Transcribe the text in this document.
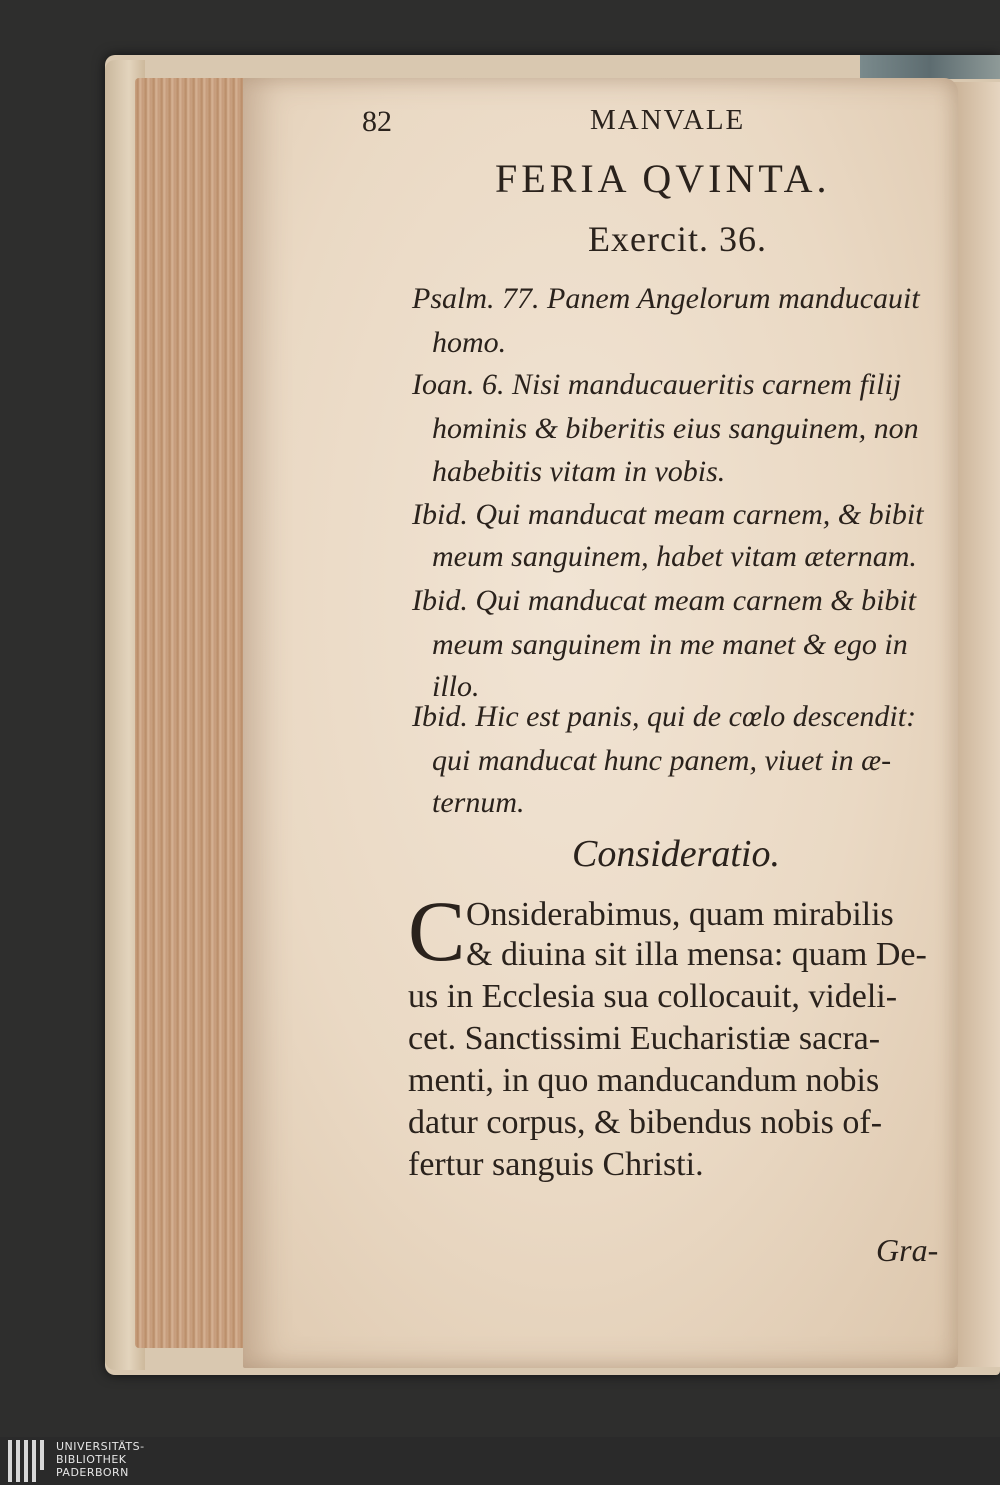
82	MANVALE
FERIA QVINTA.
Exercit. 36.
Psalm. 77. Panem Angelorum manducauit
homo.
Ioan. 6. Nisi manducaueritis carnem filij
hominis & biberitis eius sanguinem, non
habebitis vitam in vobis.
Ibid. Qui manducat meam carnem, & bibit
meum sanguinem, habet vitam æternam.
Ibid. Qui manducat meam carnem & bibit
meum sanguinem in me manet & ego in
illo.
Ibid. Hic est panis, qui de cœlo descendit:
qui manducat hunc panem, viuet in æ-
ternum.
Consideratio.
C Onsiderabimus, quam mirabilis
& diuina sit illa mensa: quam De-
us in Ecclesia sua collocauit, videli-
cet. Sanctissimi Eucharistiæ sacra-
menti, in quo manducandum nobis
datur corpus, & bibendus nobis of-
fertur sanguis Christi.
Gra-
UNIVERSITÄTS-
BIBLIOTHEK
PADERBORN
